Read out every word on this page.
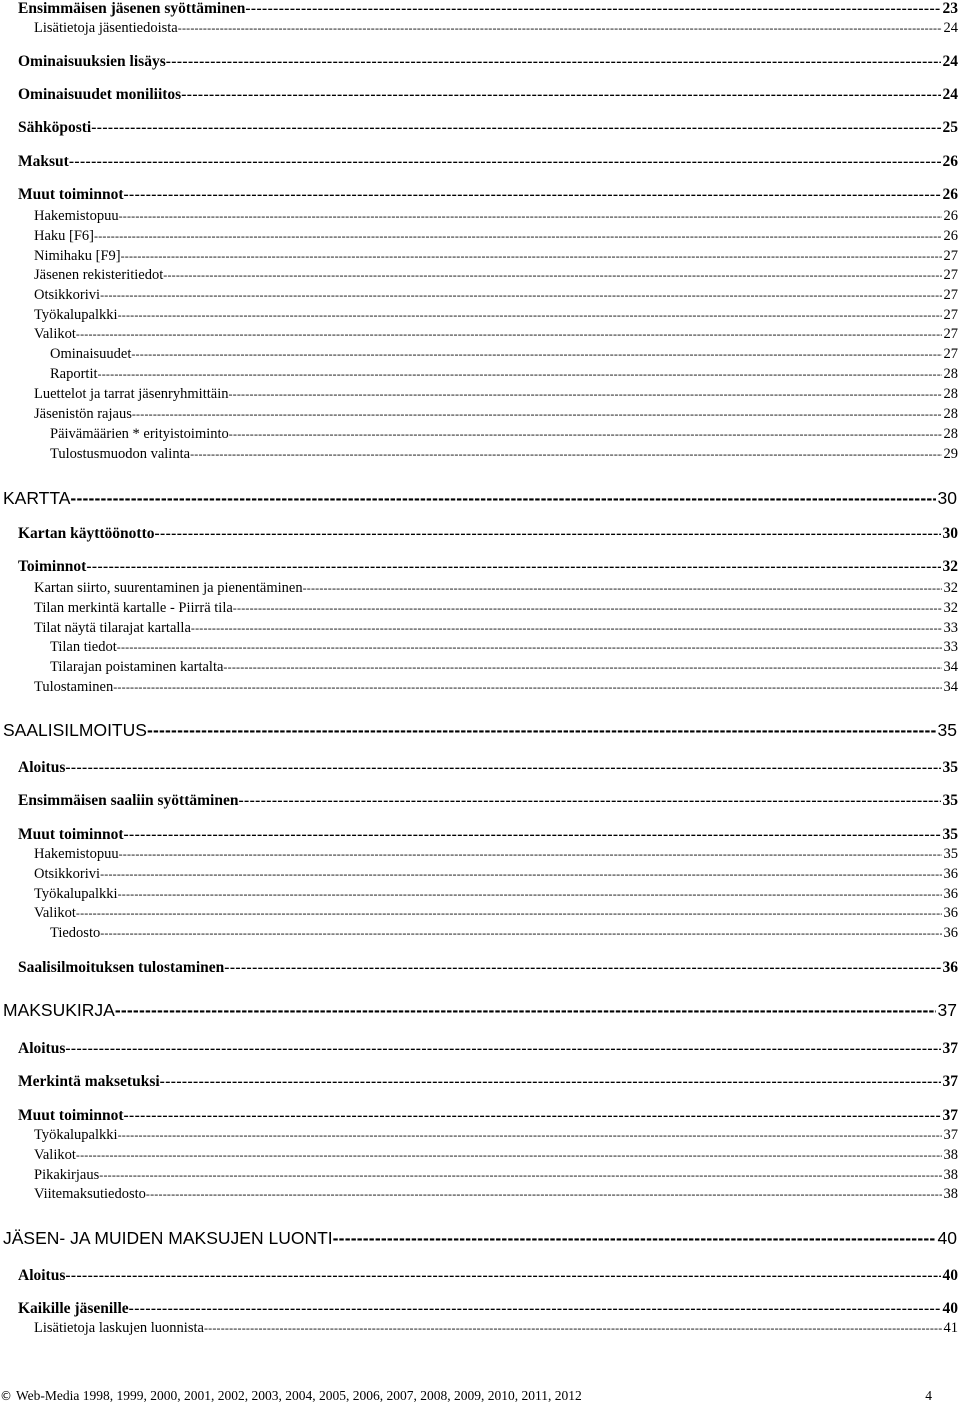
Ensimmäisen jäsenen syöttäminen -----	23
Lisätietoja jäsentiedoista -----	24
Ominaisuuksien lisäys -----	24
Ominaisuudet moniliitos -----	24
Sähköposti -----	25
Maksut -----	26
Muut toiminnot -----	26
Hakemistopuu -----	26
Haku [F6] -----	26
Nimihaku [F9] -----	27
Jäsenen rekisteritiedot -----	27
Otsikkorivi -----	27
Työkalupalkki -----	27
Valikot -----	27
Ominaisuudet -----	27
Raportit -----	28
Luettelot ja tarrat jäsenryhmittäin -----	28
Jäsenistön rajaus -----	28
Päivämäärien * erityistoiminto -----	28
Tulostusmuodon valinta -----	29
KARTTA -----	30
Kartan käyttöönotto -----	30
Toiminnot -----	32
Kartan siirto, suurentaminen ja pienentäminen -----	32
Tilan merkintä kartalle - Piirrä tila -----	32
Tilat näytä tilarajat kartalla -----	33
Tilan tiedot -----	33
Tilarajan poistaminen kartalta -----	34
Tulostaminen -----	34
SAALISILMOITUS -----	35
Aloitus -----	35
Ensimmäisen saaliin syöttäminen -----	35
Muut toiminnot -----	35
Hakemistopuu -----	35
Otsikkorivi -----	36
Työkalupalkki -----	36
Valikot -----	36
Tiedosto -----	36
Saalisilmoituksen tulostaminen -----	36
MAKSUKIRJA -----	37
Aloitus -----	37
Merkintä maksetuksi -----	37
Muut toiminnot -----	37
Työkalupalkki -----	37
Valikot -----	38
Pikakirjaus -----	38
Viitemaksutiedosto -----	38
JÄSEN- JA MUIDEN MAKSUJEN LUONTI -----	40
Aloitus -----	40
Kaikille jäsenille -----	40
Lisätietoja laskujen luonnista -----	41
© Web-Media 1998, 1999, 2000, 2001, 2002, 2003, 2004, 2005, 2006, 2007, 2008, 2009, 2010, 2011, 2012	4
